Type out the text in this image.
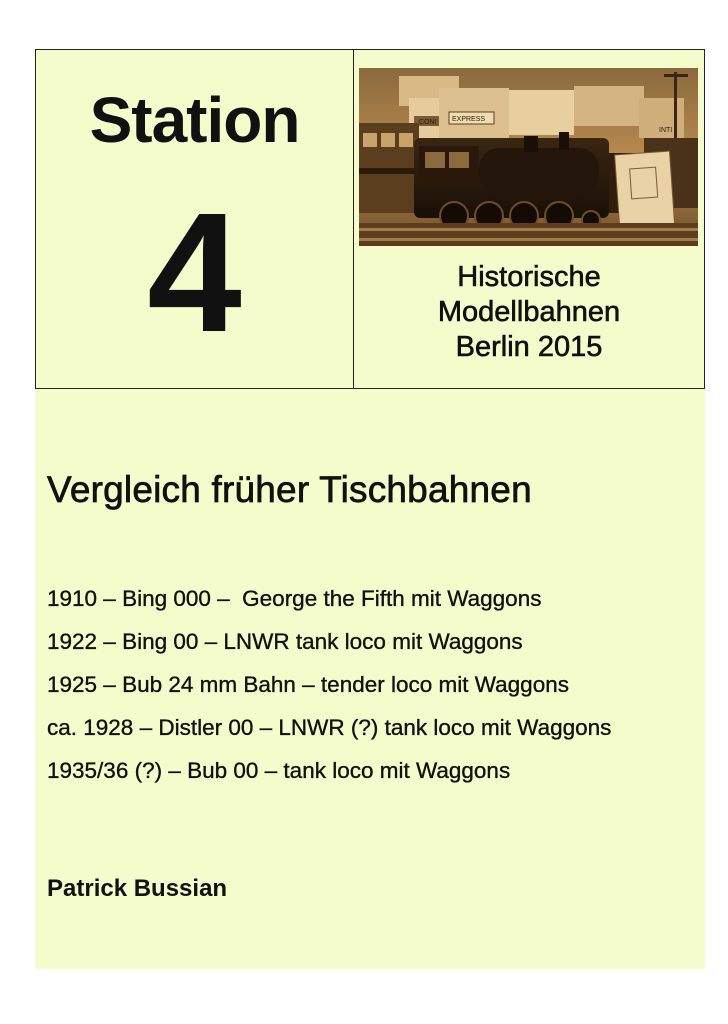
Station
4
CONI EXPRESS
INTI
Historische
Modellbahnen
Berlin 2015
Vergleich früher Tischbahnen
1910 – Bing 000 –  George the Fifth mit Waggons
1922 – Bing 00 – LNWR tank loco mit Waggons
1925 – Bub 24 mm Bahn – tender loco mit Waggons
ca. 1928 – Distler 00 – LNWR (?) tank loco mit Waggons
1935/36 (?) – Bub 00 – tank loco mit Waggons
Patrick Bussian
